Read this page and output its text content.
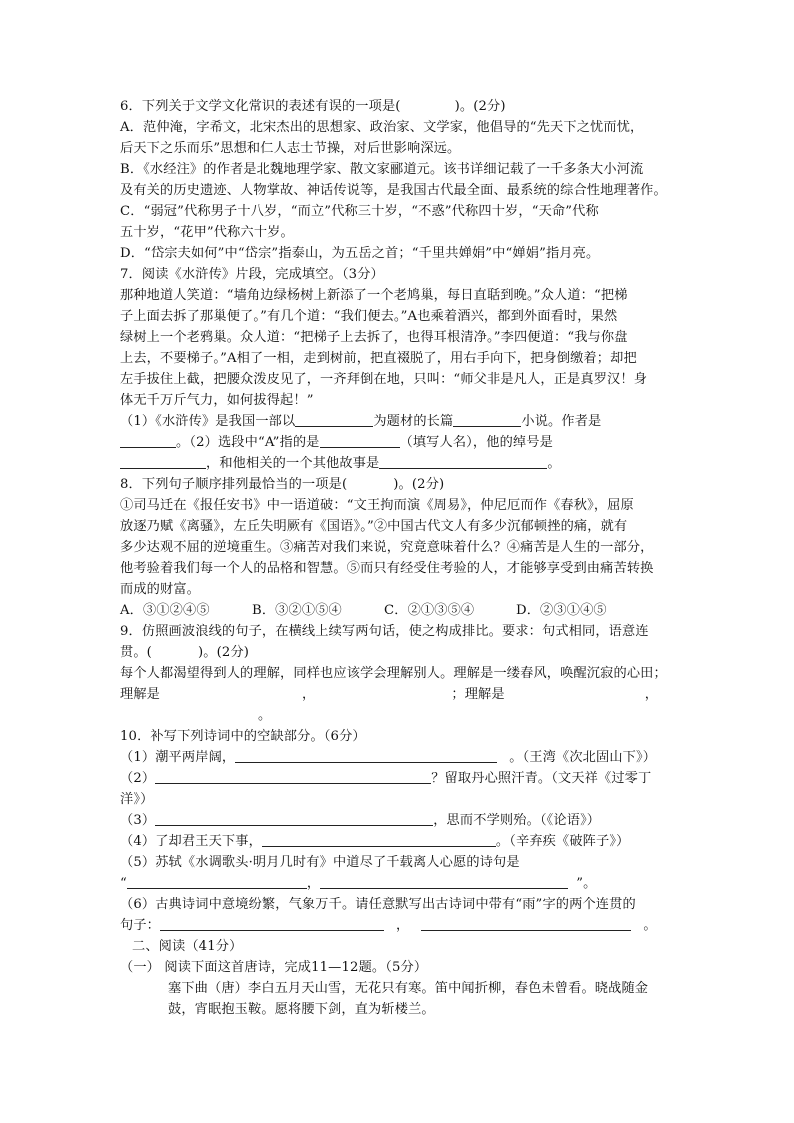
6．下列关于文学文化常识的表述有误的一项是(	)。(2分)
A．范仲淹，字希文，北宋杰出的思想家、政治家、文学家，他倡导的“先天下之忧而忧，
后天下之乐而乐”思想和仁人志士节操，对后世影响深远。
B．《水经注》的作者是北魏地理学家、散文家郦道元。该书详细记载了一千多条大小河流
及有关的历史遗迹、人物掌故、神话传说等，是我国古代最全面、最系统的综合性地理著作。
C．“弱冠”代称男子十八岁，“而立”代称三十岁，“不惑”代称四十岁，“天命”代称
五十岁，“花甲”代称六十岁。
D．“岱宗夫如何”中“岱宗”指泰山，为五岳之首；“千里共婵娟”中“婵娟”指月亮。
7．阅读《水浒传》片段，完成填空。（3分）
那种地道人笑道：“墙角边绿杨树上新添了一个老鸠巢，每日直聒到晚。”众人道：“把梯
子上面去拆了那巢便了。”有几个道：“我们便去。”A也乘着酒兴，都到外面看时，果然
绿树上一个老鸦巢。众人道：“把梯子上去拆了，也得耳根清净。”李四便道：“我与你盘
上去，不要梯子。”A相了一相，走到树前，把直裰脱了，用右手向下，把身倒缴着；却把
左手拔住上截，把腰众泼皮见了，一齐拜倒在地，只叫：“师父非是凡人，正是真罗汉！身
体无千万斤气力，如何拔得起！”
（1）《水浒传》是我国一部以	为题材的长篇	小说。作者是
。（2）选段中“A”指的是	（填写人名），他的绰号是
，和他相关的一个其他故事是	。
8．下列句子顺序排列最恰当的一项是(	)。(2分)
①司马迁在《报任安书》中一语道破：“文王拘而演《周易》，仲尼厄而作《春秋》，屈原
放逐乃赋《离骚》，左丘失明厥有《国语》。”②中国古代文人有多少沉郁顿挫的痛，就有
多少达观不屈的逆境重生。③痛苦对我们来说，究竟意味着什么？④痛苦是人生的一部分，
他考验着我们每一个人的品格和智慧。⑤而只有经受住考验的人，才能够享受到由痛苦转换
而成的财富。
A．③①②④⑤	B．③②①⑤④	C．②①③⑤④	D．②③①④⑤
9．仿照画波浪线的句子，在横线上续写两句话，使之构成排比。要求：句式相同，语意连
贯。(	)。(2分)
每个人都渴望得到人的理解，同样也应该学会理解别人。理解是一缕春风，唤醒沉寂的心田；
理解是	，	；理解是	，
。
10．补写下列诗词中的空缺部分。（6分）
（1）潮平两岸阔，	。（王湾《次北固山下》）
（2）	？留取丹心照汗青。（文天祥《过零丁
洋》）
（3）	，思而不学则殆。（《论语》）
（4）了却君王天下事，	。（辛弃疾《破阵子》）
（5）苏轼《水调歌头·明月几时有》中道尽了千载离人心愿的诗句是
“	，	”。
（6）古典诗词中意境纷繁，气象万千。请任意默写出古诗词中带有“雨”字的两个连贯的
句子：	，	。
二、阅读（41分）
（一） 阅读下面这首唐诗，完成11—12题。（5分）
塞下曲（唐）李白五月天山雪，无花只有寒。笛中闻折柳，春色未曾看。晓战随金
鼓，宵眠抱玉鞍。愿将腰下剑，直为斩楼兰。
